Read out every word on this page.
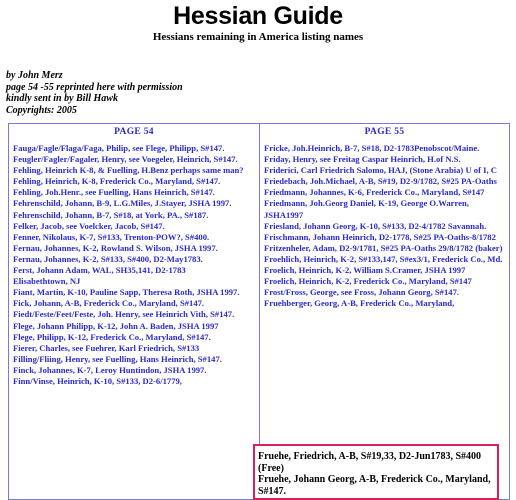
Hessian Guide
Hessians remaining in America listing names
by John Merz
page 54 -55 reprinted here with permission
kindly sent in by Bill Hawk
Copyrights: 2005
PAGE 54

Fauga/Fagle/Flaga/Faga, Philip, see Flege, Philipp, S#147.

Feugler/Fagler/Fagaler, Henry, see Voegeler, Heinrich, S#147.

Fehling, Heinrich K-8, & Fuelling, H.Benz perhaps same man?

Fehling, Heinrich, K-8, Frederick Co., Maryland, S#147.

Fehling, Joh.Henr., see Fuelling, Hans Heinrich, S#147.

Fehrenschild, Johann, B-9, L.G.Miles, J.Stayer, JSHA 1997.

Fehrenschild, Johann, B-7, S#18, at York, PA., S#187.

Felker, Jacob, see Voelcker, Jacob, S#147.

Fenner, Nikolaus, K-7, S#133, Trenton-POW?, S#400.

Fernau, Johannes, K-2, Rowland S. Wilson, JSHA 1997.

Fernau, Johannes, K-2, S#133, S#400, D2-May1783.

Ferst, Johann Adam, WAL, SH35,141, D2-1783

Elisabethtown, NJ

Fiant, Martin, K-10, Pauline Sapp, Theresa Roth, JSHA 1997.

Fick, Johann, A-B, Frederick Co., Maryland, S#147.

Fiedt/Feste/Feet/Feste, Joh. Henry, see Heinrich Vith, S#147.

Flege, Johann Philipp, K-12, John A. Baden, JSHA 1997

Flege, Philipp, K-12, Frederick Co., Maryland, S#147.

Fierer, Charles, see Fuehrer, Karl Friedrich, S#133

Filling/Fliing, Henry, see Fuelling, Hans Heinrich, S#147.

Finck, Johannes, K-7, Leroy Huntindon, JSHA 1997.

Finn/Vinse, Heinrich, K-10, S#133, D2-6/1779,

PAGE 55

Fricke, Joh.Heinrich, B-7, S#18, D2-1783Penobscot/Maine.

Friday, Henry, see Freitag Caspar Heinrich, H.of N.S.

Friderici, Carl Friedrich Salomo, HAJ, (Stone Arabia) U of I, C

Friedebach, Joh.Michael, A-B, S#19, D2-9/1782, S#25 PA-Oaths

Friedmann, Johannes, K-6, Frederick Co., Maryland, S#147

Friedmann, Joh.Georg Daniel, K-19, George O.Warren, JSHA1997

Friesland, Johann Georg, K-10, S#133, D2-4/1782 Savannah.

Frischmann, Johann Heinrich, D2-1778, S#25 PA-Oaths-8/1782

Fritzenheler, Adam, D2-9/1781, S#25 PA-Oaths 29/8/1782 (baker)

Froehlich, Heinrich, K-2, S#133,147, S#ex3/1, Frederick Co., Md.

Froelich, Heinrich, K-2, William S.Cramer, JSHA 1997

Froelich, Heinrich, K-2, Frederick Co., Maryland, S#147

Frost/Fross, George, see Fross, Johann Georg, S#147.

Fruehberger, Georg, A-B, Frederick Co., Maryland,

Fruehe, Friedrich, A-B, S#19,33, D2-Jun1783, S#400 (Free)

Fruehe, Johann Georg, A-B, Frederick Co., Maryland, S#147.
